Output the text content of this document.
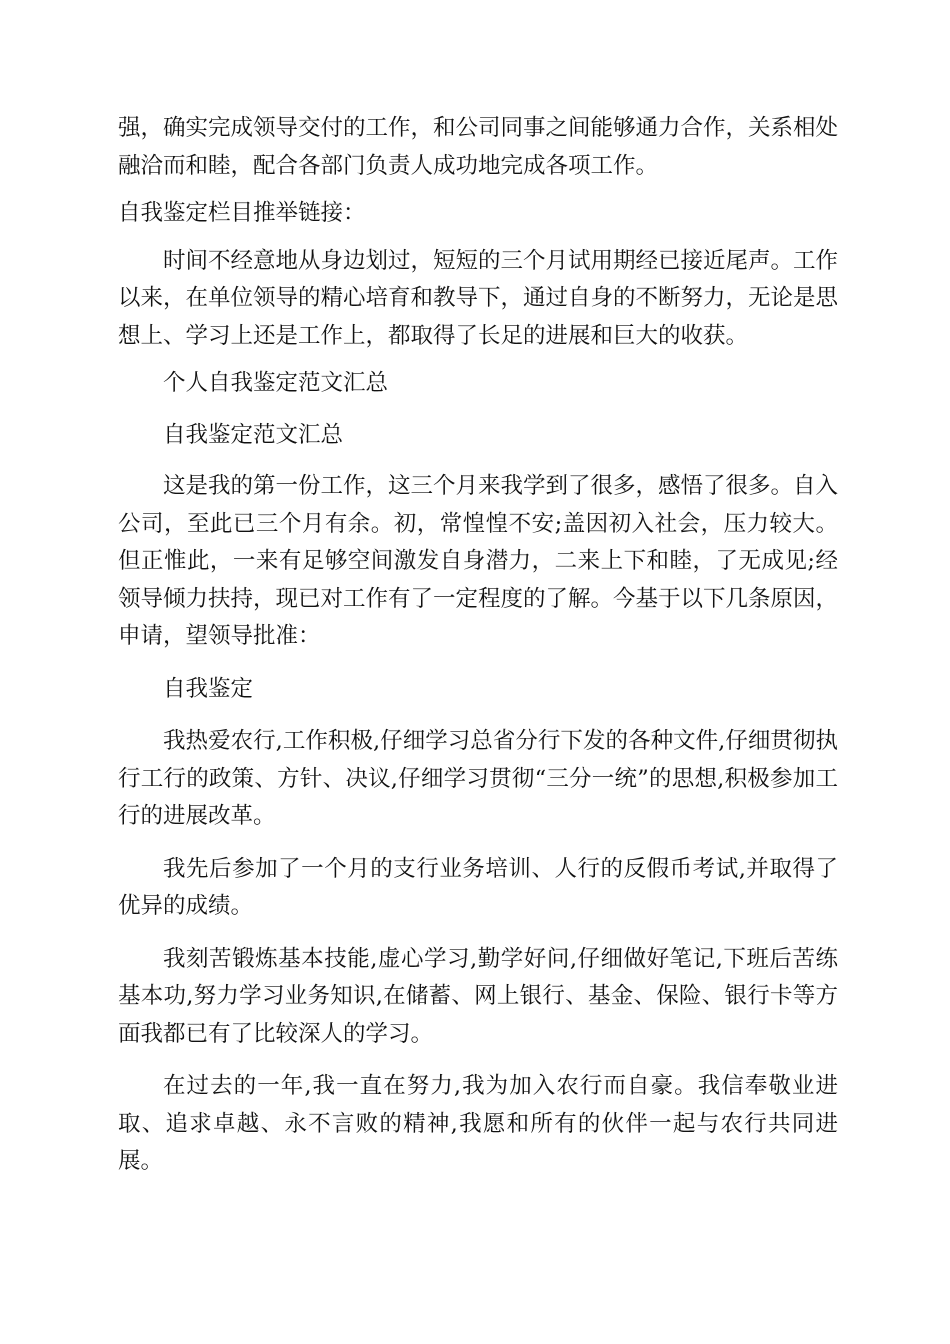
强，确实完成领导交付的工作，和公司同事之间能够通力合作，关系相处融洽而和睦，配合各部门负责人成功地完成各项工作。

自我鉴定栏目推举链接：

时间不经意地从身边划过，短短的三个月试用期经已接近尾声。工作以来，在单位领导的精心培育和教导下，通过自身的不断努力，无论是思想上、学习上还是工作上，都取得了长足的进展和巨大的收获。

个人自我鉴定范文汇总

自我鉴定范文汇总

这是我的第一份工作，这三个月来我学到了很多，感悟了很多。自入公司，至此已三个月有余。初，常惶惶不安;盖因初入社会，压力较大。但正惟此，一来有足够空间激发自身潜力，二来上下和睦，了无成见;经领导倾力扶持，现已对工作有了一定程度的了解。今基于以下几条原因，申请，望领导批准：

自我鉴定

我热爱农行,工作积极,仔细学习总省分行下发的各种文件,仔细贯彻执行工行的政策、方针、决议,仔细学习贯彻“三分一统”的思想,积极参加工行的进展改革。

我先后参加了一个月的支行业务培训、人行的反假币考试,并取得了优异的成绩。

我刻苦锻炼基本技能,虚心学习,勤学好问,仔细做好笔记,下班后苦练基本功,努力学习业务知识,在储蓄、网上银行、基金、保险、银行卡等方面我都已有了比较深人的学习。

在过去的一年,我一直在努力,我为加入农行而自豪。我信奉敬业进取、追求卓越、永不言败的精神,我愿和所有的伙伴一起与农行共同进展。
